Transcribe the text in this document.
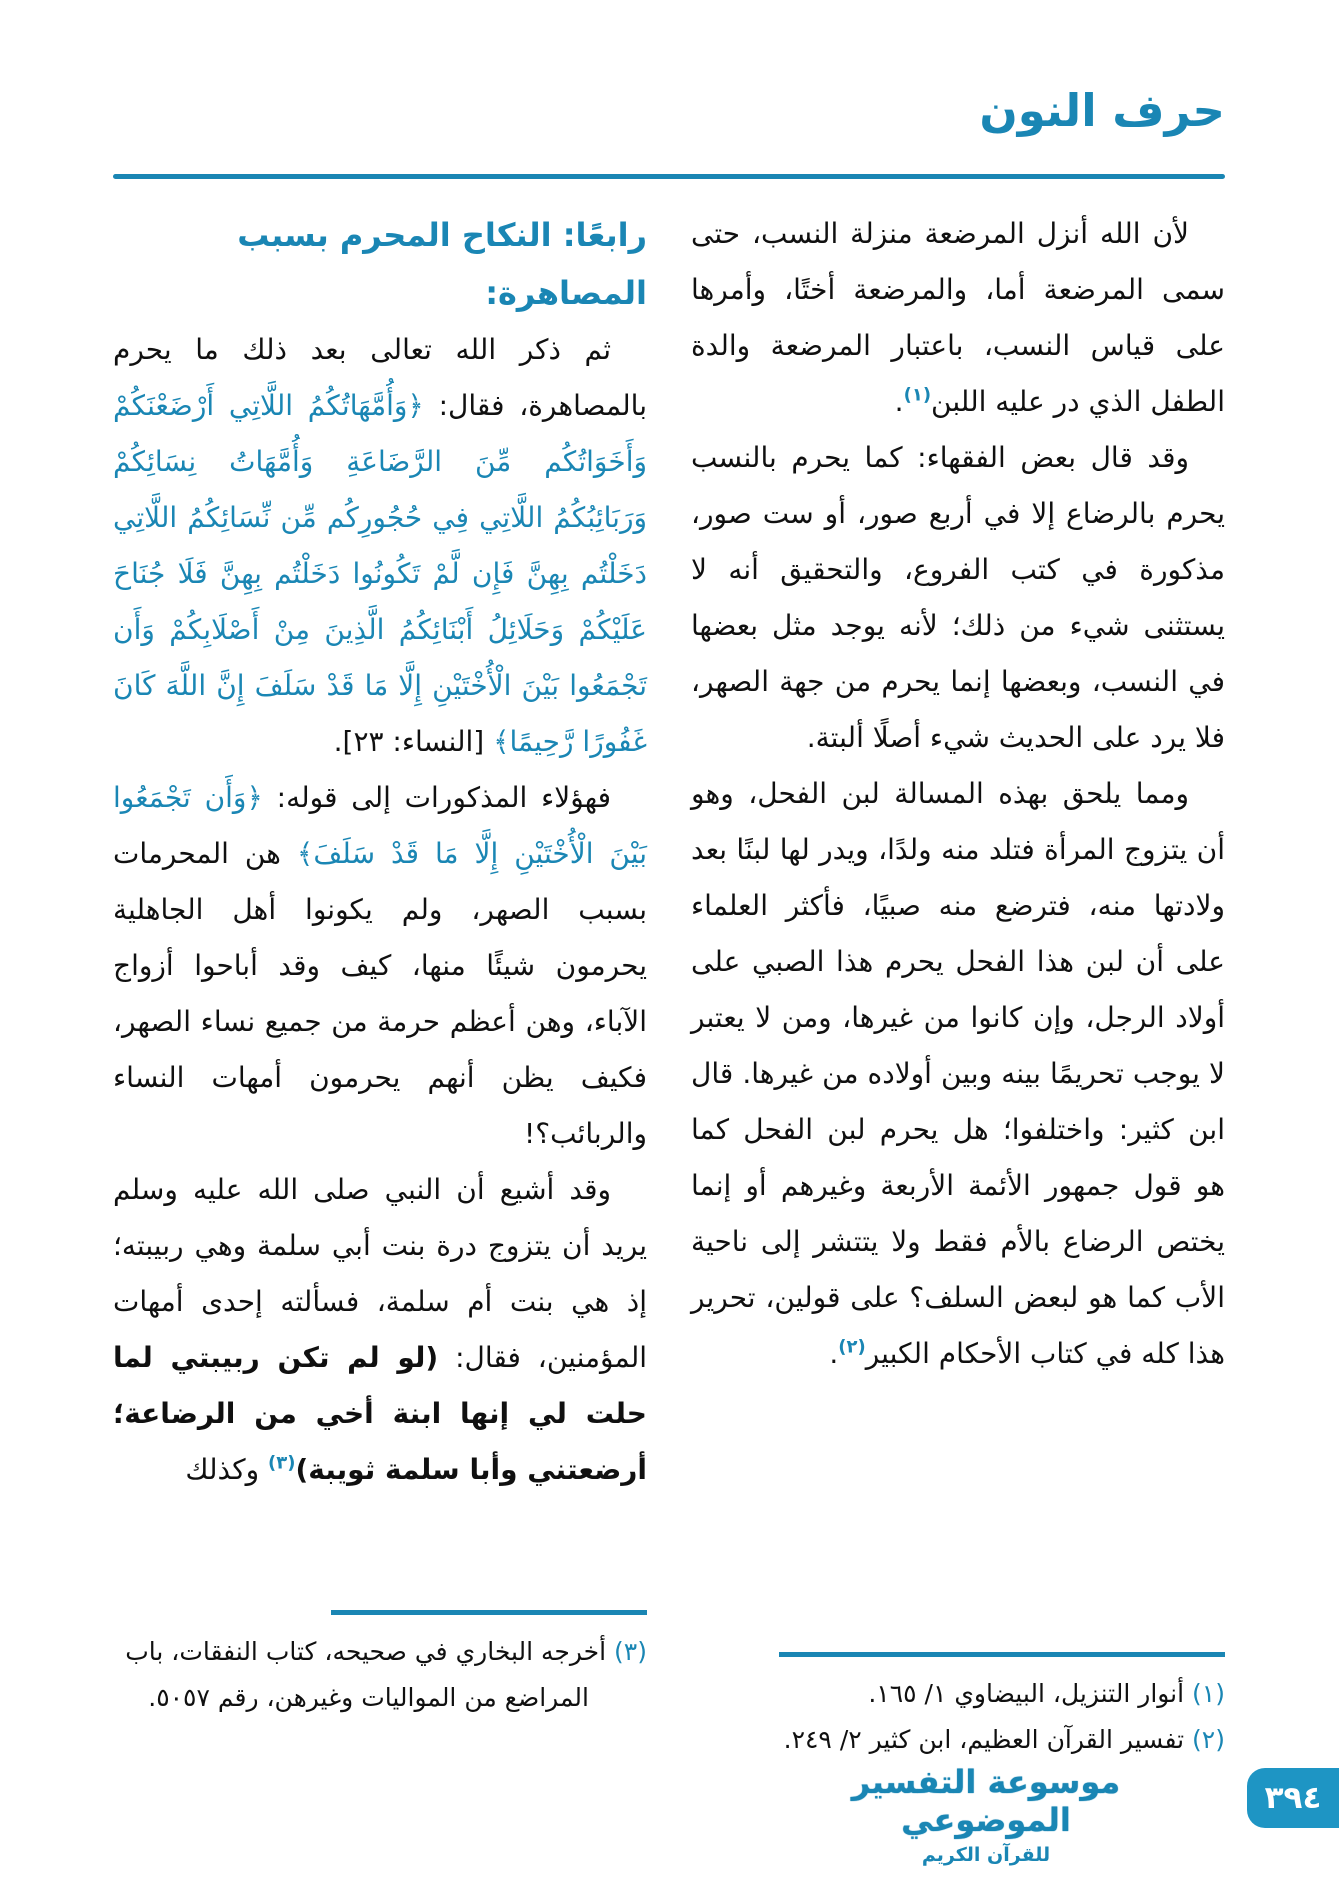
حرف النون

لأن الله أنزل المرضعة منزلة النسب، حتى سمى المرضعة أما، والمرضعة أختًا، وأمرها على قياس النسب، باعتبار المرضعة والدة الطفل الذي در عليه اللبن$^{(١)}$.

وقد قال بعض الفقهاء: كما يحرم بالنسب يحرم بالرضاع إلا في أربع صور، أو ست صور، مذكورة في كتب الفروع، والتحقيق أنه لا يستثنى شيء من ذلك؛ لأنه يوجد مثل بعضها في النسب، وبعضها إنما يحرم من جهة الصهر، فلا يرد على الحديث شيء أصلًا ألبتة.

ومما يلحق بهذه المسالة لبن الفحل، وهو أن يتزوج المرأة فتلد منه ولدًا، ويدر لها لبنًا بعد ولادتها منه، فترضع منه صبيًا، فأكثر العلماء على أن لبن هذا الفحل يحرم هذا الصبي على أولاد الرجل، وإن كانوا من غيرها، ومن لا يعتبر لا يوجب تحريمًا بينه وبين أولاده من غيرها. قال ابن كثير: واختلفوا؛ هل يحرم لبن الفحل كما هو قول جمهور الأئمة الأربعة وغيرهم أو إنما يختص الرضاع بالأم فقط ولا يتتشر إلى ناحية الأب كما هو لبعض السلف؟ على قولين، تحرير هذا كله في كتاب الأحكام الكبير$^{(٢)}$.

(١) أنوار التنزيل، البيضاوي ١/ ١٦٥.

(٢) تفسير القرآن العظيم، ابن كثير ٢/ ٢٤٩.

رابعًا: النكاح المحرم بسبب المصاهرة:

ثم ذكر الله تعالى بعد ذلك ما يحرم بالمصاهرة، فقال: ﴿وَأُمَّهَاتُكُمُ اللَّاتِي أَرْضَعْنَكُمْ وَأَخَوَاتُكُم مِّنَ الرَّضَاعَةِ وَأُمَّهَاتُ نِسَائِكُمْ وَرَبَائِبُكُمُ اللَّاتِي فِي حُجُورِكُم مِّن نِّسَائِكُمُ اللَّاتِي دَخَلْتُم بِهِنَّ فَإِن لَّمْ تَكُونُوا دَخَلْتُم بِهِنَّ فَلَا جُنَاحَ عَلَيْكُمْ وَحَلَائِلُ أَبْنَائِكُمُ الَّذِينَ مِنْ أَصْلَابِكُمْ وَأَن تَجْمَعُوا بَيْنَ الْأُخْتَيْنِ إِلَّا مَا قَدْ سَلَفَ إِنَّ اللَّهَ كَانَ غَفُورًا رَّحِيمًا﴾ [النساء: ٢٣].

فهؤلاء المذكورات إلى قوله: ﴿وَأَن تَجْمَعُوا بَيْنَ الْأُخْتَيْنِ إِلَّا مَا قَدْ سَلَفَ﴾ هن المحرمات بسبب الصهر، ولم يكونوا أهل الجاهلية يحرمون شيئًا منها، كيف وقد أباحوا أزواج الآباء، وهن أعظم حرمة من جميع نساء الصهر، فكيف يظن أنهم يحرمون أمهات النساء والربائب؟!

وقد أشيع أن النبي صلى الله عليه وسلم يريد أن يتزوج درة بنت أبي سلمة وهي ربيبته؛ إذ هي بنت أم سلمة، فسألته إحدى أمهات المؤمنين، فقال: (لو لم تكن ربيبتي لما حلت لي إنها ابنة أخي من الرضاعة؛ أرضعتني وأبا سلمة ثويبة)$^{(٣)}$ وكذلك

(٣) أخرجه البخاري في صحيحه، كتاب النفقات، باب المراضع من المواليات وغيرهن، رقم ٥٠٥٧.

موسوعة التفسير الموضوعي
للقرآن الكريم
٣٩٤
